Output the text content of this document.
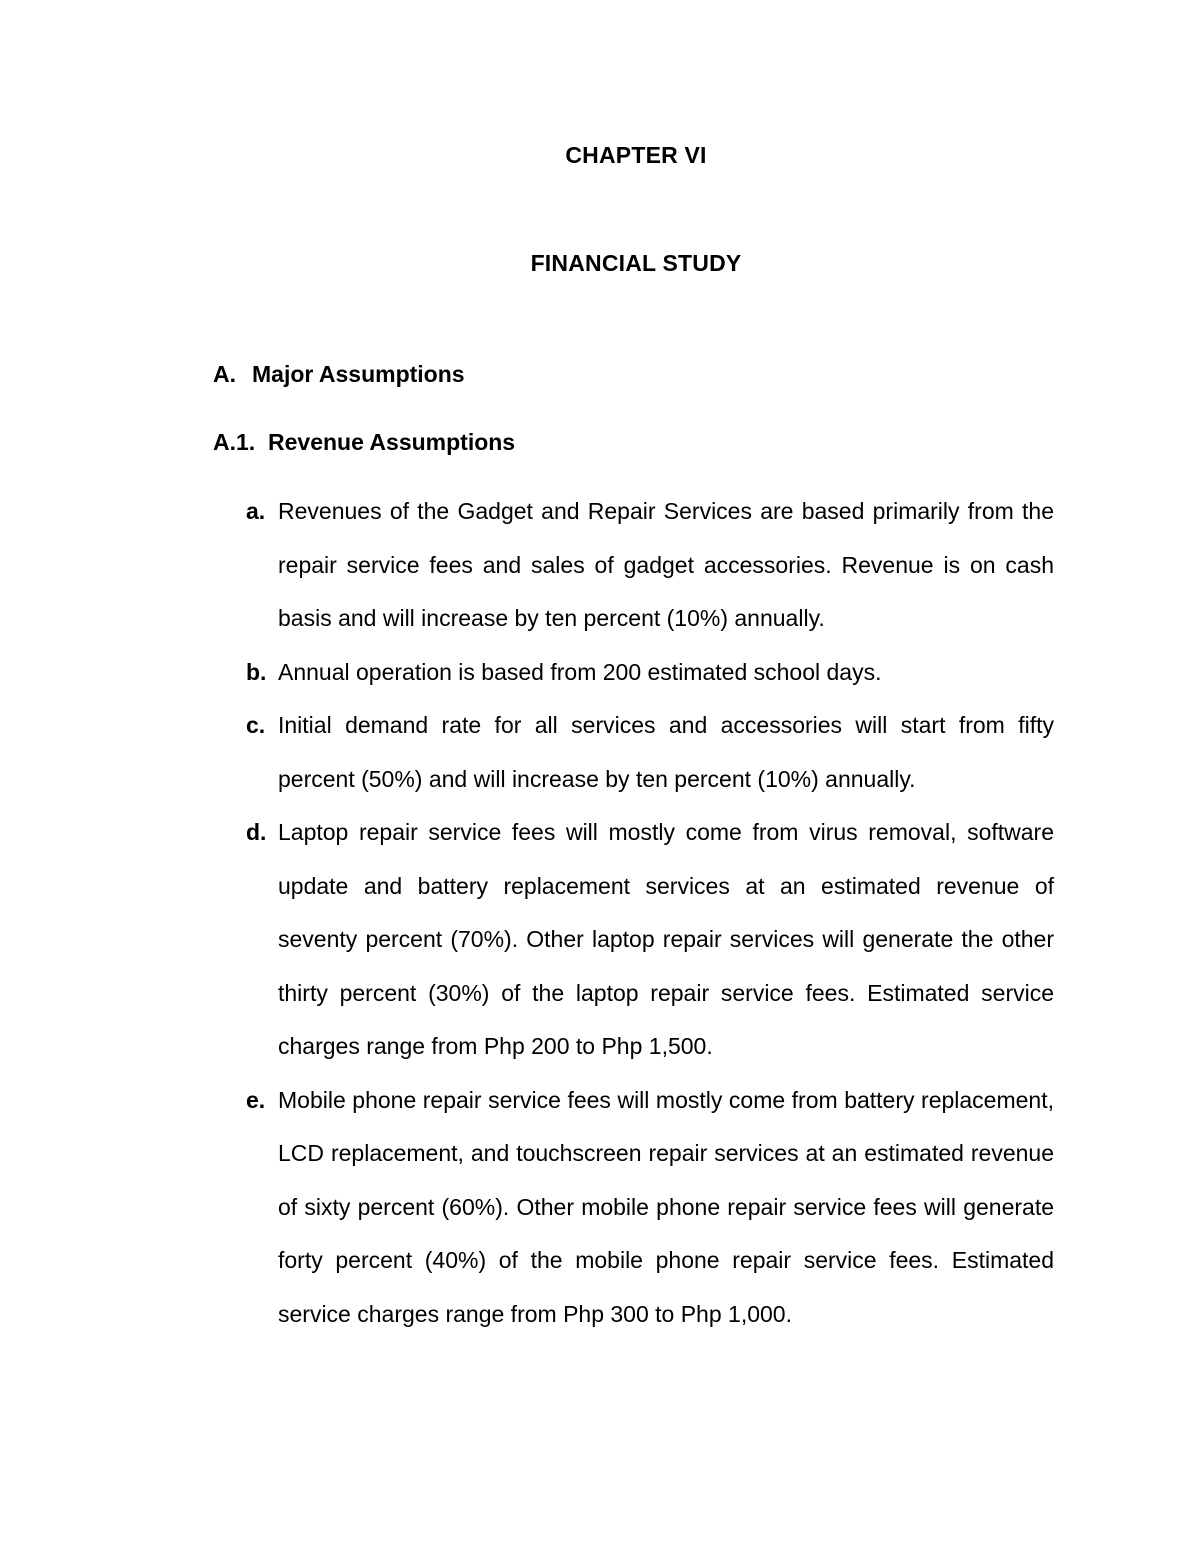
CHAPTER VI
FINANCIAL STUDY
A. Major Assumptions
A.1. Revenue Assumptions
a. Revenues of the Gadget and Repair Services are based primarily from the repair service fees and sales of gadget accessories. Revenue is on cash basis and will increase by ten percent (10%) annually.

b. Annual operation is based from 200 estimated school days.

c. Initial demand rate for all services and accessories will start from fifty percent (50%) and will increase by ten percent (10%) annually.

d. Laptop repair service fees will mostly come from virus removal, software update and battery replacement services at an estimated revenue of seventy percent (70%). Other laptop repair services will generate the other thirty percent (30%) of the laptop repair service fees. Estimated service charges range from Php 200 to Php 1,500.

e. Mobile phone repair service fees will mostly come from battery replacement, LCD replacement, and touchscreen repair services at an estimated revenue of sixty percent (60%). Other mobile phone repair service fees will generate forty percent (40%) of the mobile phone repair service fees. Estimated service charges range from Php 300 to Php 1,000.
